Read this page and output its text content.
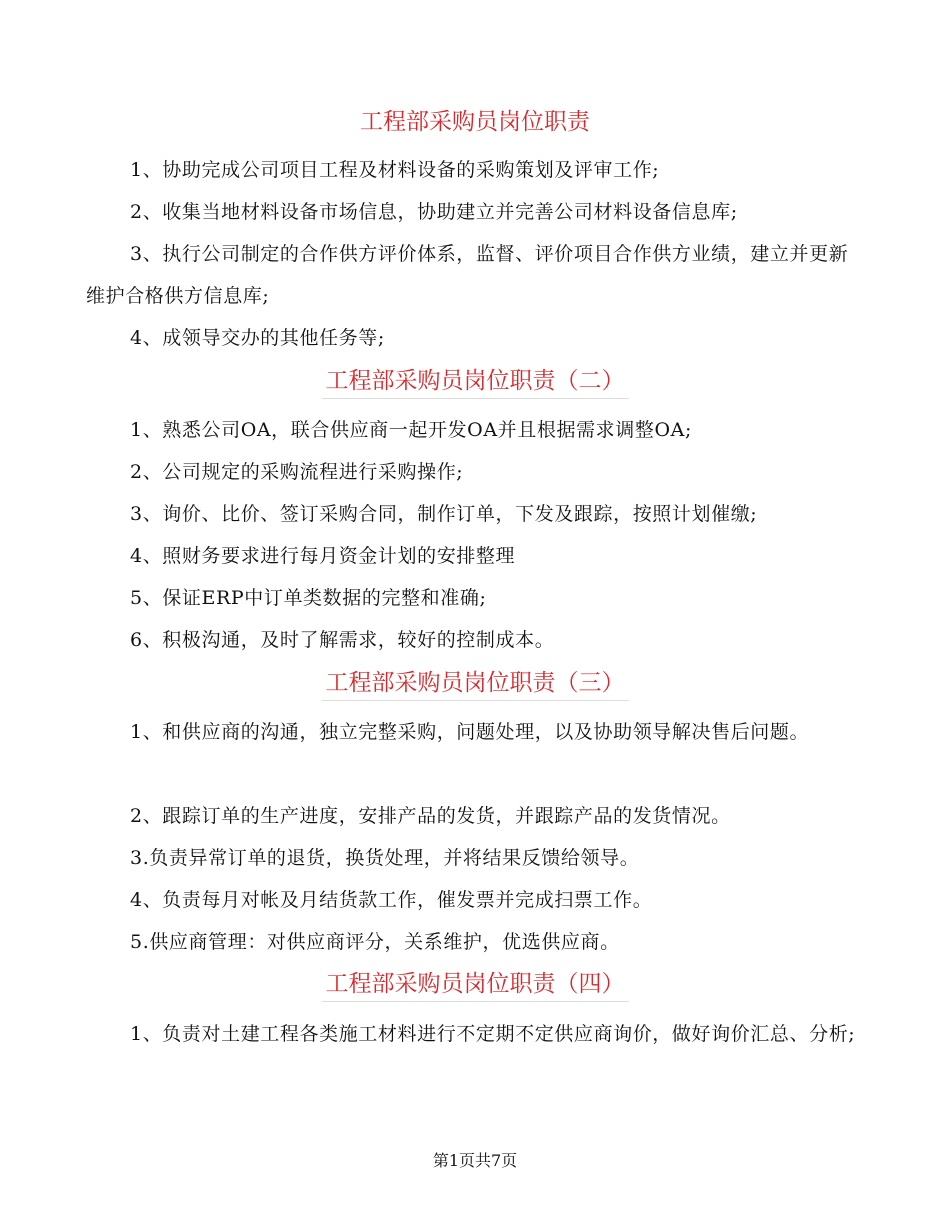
工程部采购员岗位职责

1、协助完成公司项目工程及材料设备的采购策划及评审工作;

2、收集当地材料设备市场信息，协助建立并完善公司材料设备信息库;

3、执行公司制定的合作供方评价体系，监督、评价项目合作供方业绩，建立并更新维护合格供方信息库;

4、成领导交办的其他任务等;

工程部采购员岗位职责（二）

1、熟悉公司OA，联合供应商一起开发OA并且根据需求调整OA;

2、公司规定的采购流程进行采购操作;

3、询价、比价、签订采购合同，制作订单，下发及跟踪，按照计划催缴;

4、照财务要求进行每月资金计划的安排整理

5、保证ERP中订单类数据的完整和准确;

6、积极沟通，及时了解需求，较好的控制成本。

工程部采购员岗位职责（三）

1、和供应商的沟通，独立完整采购，问题处理，以及协助领导解决售后问题。

2、跟踪订单的生产进度，安排产品的发货，并跟踪产品的发货情况。

3.负责异常订单的退货，换货处理，并将结果反馈给领导。

4、负责每月对帐及月结货款工作，催发票并完成扫票工作。

5.供应商管理：对供应商评分，关系维护，优选供应商。

工程部采购员岗位职责（四）

1、负责对土建工程各类施工材料进行不定期不定供应商询价，做好询价汇总、分析;

第1页共7页
